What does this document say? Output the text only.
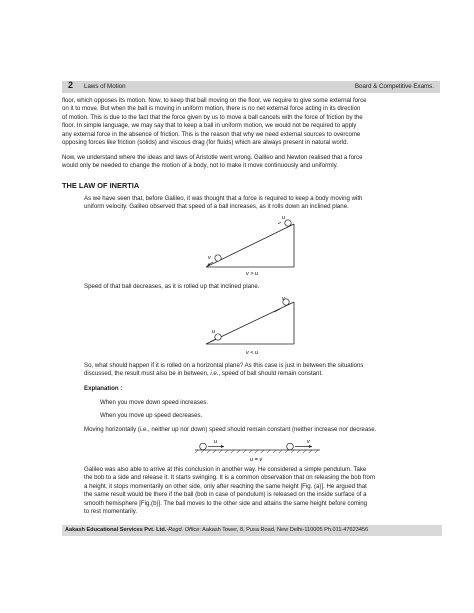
2 Laws of Motion	Board & Competitive Exams.
floor, which opposes its motion. Now, to keep that ball moving on the floor, we require to give some external force
on it to move. But when the ball is moving in uniform motion, there is no net external force acting in its direction
of motion. This is due to the fact that the force given by us to move a ball cancels with the force of friction by the
floor. In simple language, we may say that to keep a ball in uniform motion, we would not be required to apply
any external force in the absence of friction. This is the reason that why we need external sources to overcome
opposing forces like friction (solids) and viscous drag (for fluids) which are always present in natural world.
Now, we understand where the ideas and laws of Aristotle went wrong. Galileo and Newton realised that a force
would only be needed to change the motion of a body, not to make it move continuously and uniformly.
THE LAW OF INERTIA
As we have seen that, before Galileo, it was thought that a force is required to keep a body moving with
uniform velocity. Galileo observed that speed of a ball increases, as it rolls down an inclined plane.
u
v
v > u
Speed of that ball decreases, as it is rolled up that inclined plane.
v
u
v < u
So, what should happen if it is rolled on a horizontal plane? As this case is just in between the situations
discussed, the result must also be in between, i.e., speed of ball should remain constant.
Explanation :
When you move down speed increases.
When you move up speed decreases.
Moving horizontally (i.e., neither up nor down) speed should remain constant (neither increase nor decrease.
u	v
u = v
Galileo was also able to arrive at this conclusion in another way. He considered a simple pendulum. Take
the bob to a side and release it. It starts swinging. It is a common observation that on releasing the bob from
a height, it stops momentarily on other side, only after reaching the same height [Fig. (a)]. He argued that
the same result would be there if the ball (bob in case of pendulum) is released on the inside surface of a
smooth hemisphere [Fig.(b)]. The ball moves to the other side and attains the same height before coming
to rest momentarily.
Aakash Educational Services Pvt. Ltd.-Regd. Office: Aakash Tower, 8, Pusa Road, New Delhi-110005 Ph.011-47623456
